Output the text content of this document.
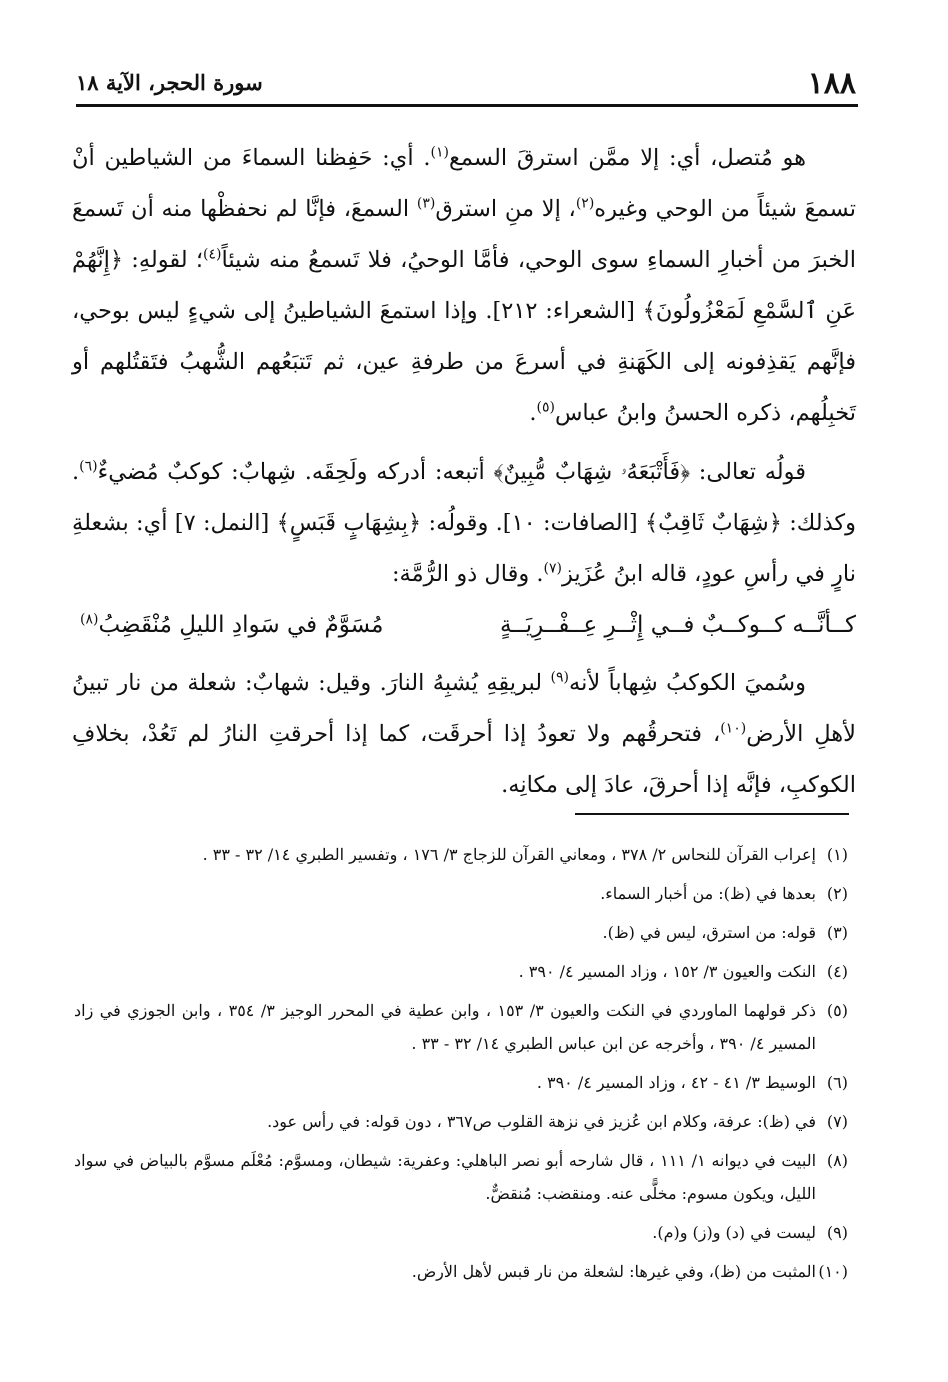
١٨٨
سورة الحجر، الآية ١٨

هو مُتصل، أي: إلا ممَّن استرقَ السمع$^{(١)}$. أي: حَفِظنا السماءَ من الشياطين أنْ تسمعَ شيئاً من الوحي وغيره$^{(٢)}$، إلا منِ استرق$^{(٣)}$ السمعَ، فإنَّا لم نحفظْها منه أن تَسمعَ الخبرَ من أخبارِ السماءِ سوى الوحي، فأمَّا الوحيُ، فلا تَسمعُ منه شيئاً$^{(٤)}$؛ لقولهِ: ﴿إِنَّهُمْ عَنِ ٱلسَّمْعِ لَمَعْزُولُونَ﴾ [الشعراء: ٢١٢]. وإذا استمعَ الشياطينُ إلى شيءٍ ليس بوحي، فإنَّهم يَقذِفونه إلى الكَهَنةِ في أسرعَ من طرفةِ عين، ثم تَتبَعُهم الشُّهبُ فتَقتُلهم أو تَخبِلُهم، ذكره الحسنُ وابنُ عباس$^{(٥)}$.

قولُه تعالى: ﴿فَأَتْبَعَهُۥ شِهَابٌ مُّبِينٌ﴾ أتبعه: أدركه ولَحِقَه. شِهابٌ: كوكبٌ مُضيءٌ$^{(٦)}$. وكذلك: ﴿شِهَابٌ ثَاقِبٌ﴾ [الصافات: ١٠]. وقولُه: ﴿بِشِهَابٍ قَبَسٍ﴾ [النمل: ٧] أي: بشعلةِ نارٍ في رأسِ عودٍ، قاله ابنُ عُزَيز$^{(٧)}$. وقال ذو الرُّمَّة:

كــأنَّــه كــوكــبٌ فــي إِثْــرِ عِــفْــرِيَــةٍ
مُسَوَّمٌ في سَوادِ الليلِ مُنْقَضِبُ$^{(٨)}$

وسُميَ الكوكبُ شِهاباً لأنه$^{(٩)}$ لبريقِهِ يُشبِهُ النارَ. وقيل: شهابٌ: شعلة من نار تبينُ لأهلِ الأرض$^{(١٠)}$، فتحرقُهم ولا تعودُ إذا أحرقَت، كما إذا أحرقتِ النارُ لم تَعُدْ، بخلافِ الكوكبِ، فإنَّه إذا أحرقَ، عادَ إلى مكانِه.

(١)
إعراب القرآن للنحاس ٢/ ٣٧٨ ، ومعاني القرآن للزجاج ٣/ ١٧٦ ، وتفسير الطبري ١٤/ ٣٢ - ٣٣ .
(٢)
بعدها في (ظ): من أخبار السماء.
(٣)
قوله: من استرق، ليس في (ظ).
(٤)
النكت والعيون ٣/ ١٥٢ ، وزاد المسير ٤/ ٣٩٠ .
(٥)
ذكر قولهما الماوردي في النكت والعيون ٣/ ١٥٣ ، وابن عطية في المحرر الوجيز ٣/ ٣٥٤ ، وابن الجوزي في زاد المسير ٤/ ٣٩٠ ، وأخرجه عن ابن عباس الطبري ١٤/ ٣٢ - ٣٣ .
(٦)
الوسيط ٣/ ٤١ - ٤٢ ، وزاد المسير ٤/ ٣٩٠ .
(٧)
في (ظ): عرفة، وكلام ابن عُزيز في نزهة القلوب ص٣٦٧ ، دون قوله: في رأس عود.
(٨)
البيت في ديوانه ١/ ١١١ ، قال شارحه أبو نصر الباهلي: وعفرية: شيطان، ومسوَّم: مُعْلَم مسوَّم بالبياض في سواد الليل، ويكون مسوم: مخلًّى عنه. ومنقضب: مُنقضٌّ.
(٩)
ليست في (د) و(ز) و(م).
(١٠)
المثبت من (ظ)، وفي غيرها: لشعلة من نار قبس لأهل الأرض.
